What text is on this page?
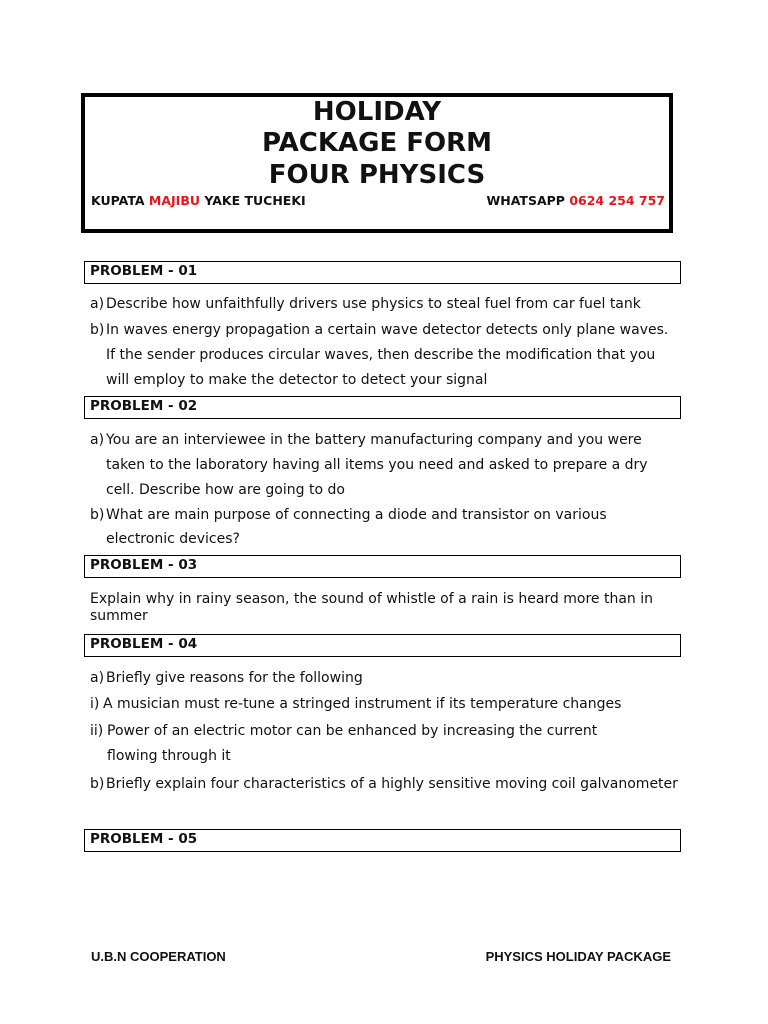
HOLIDAY
PACKAGE FORM
FOUR PHYSICS
KUPATA MAJIBU YAKE TUCHEKI	WHATSAPP 0624 254 757
PROBLEM - 01
a) Describe how unfaithfully drivers use physics to steal fuel from car fuel tank
b) In waves energy propagation a certain wave detector detects only plane waves.
If the sender produces circular waves, then describe the modification that you
will employ to make the detector to detect your signal
PROBLEM - 02
a) You are an interviewee in the battery manufacturing company and you were
taken to the laboratory having all items you need and asked to prepare a dry
cell. Describe how are going to do
b) What are main purpose of connecting a diode and transistor on various
electronic devices?
PROBLEM - 03
Explain why in rainy season, the sound of whistle of a rain is heard more than in
summer
PROBLEM - 04
a) Briefly give reasons for the following
i) A musician must re-tune a stringed instrument if its temperature changes
ii) Power of an electric motor can be enhanced by increasing the current
flowing through it
b) Briefly explain four characteristics of a highly sensitive moving coil galvanometer
PROBLEM - 05
U.B.N COOPERATION	PHYSICS HOLIDAY PACKAGE
